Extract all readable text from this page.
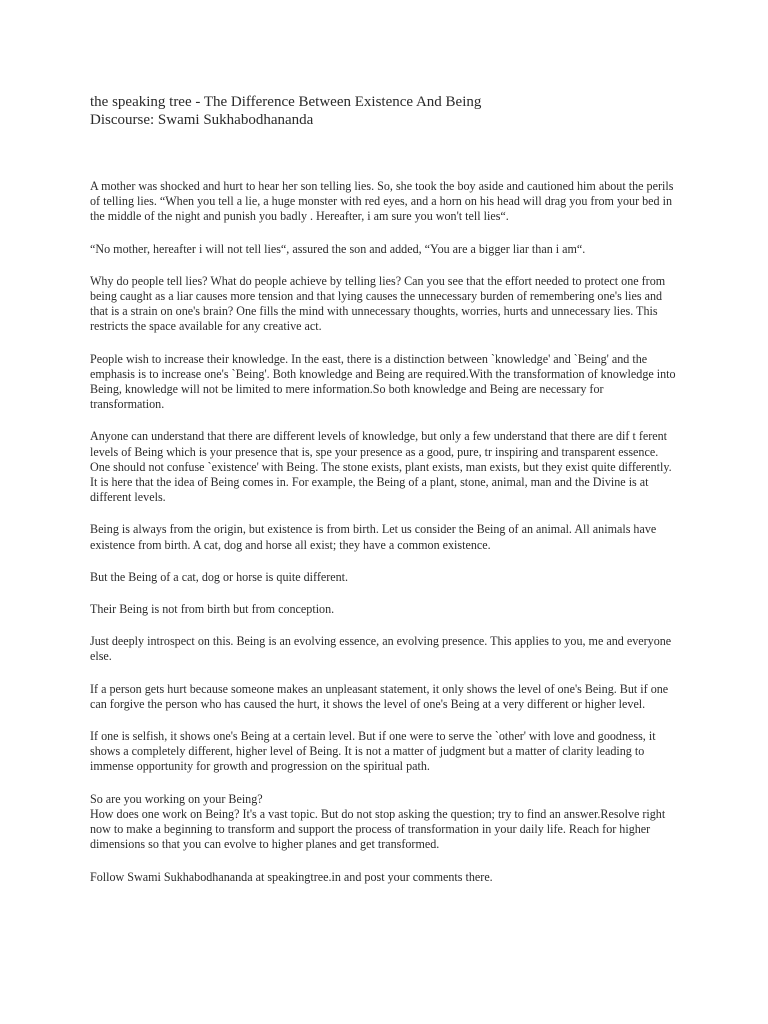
the speaking tree - The Difference Between Existence And Being
Discourse: Swami Sukhabodhananda

A mother was shocked and hurt to hear her son telling lies. So, she took the boy aside and cautioned him about the perils of telling lies. “When you tell a lie, a huge monster with red eyes, and a horn on his head will drag you from your bed in the middle of the night and punish you badly . Hereafter, i am sure you won't tell lies“.

“No mother, hereafter i will not tell lies“, assured the son and added, “You are a bigger liar than i am“.

Why do people tell lies? What do people achieve by telling lies? Can you see that the effort needed to protect one from being caught as a liar causes more tension and that lying causes the unnecessary burden of remembering one's lies and that is a strain on one's brain? One fills the mind with unnecessary thoughts, worries, hurts and unnecessary lies. This restricts the space available for any creative act.

People wish to increase their knowledge. In the east, there is a distinction between `knowledge' and `Being' and the emphasis is to increase one's `Being'. Both knowledge and Being are required.With the transformation of knowledge into Being, knowledge will not be limited to mere information.So both knowledge and Being are necessary for transformation.

Anyone can understand that there are different levels of knowledge, but only a few understand that there are dif t ferent levels of Being which is your presence that is, spe your presence as a good, pure, tr inspiring and transparent essence. One should not confuse `existence' with Being. The stone exists, plant exists, man exists, but they exist quite differently. It is here that the idea of Being comes in. For example, the Being of a plant, stone, animal, man and the Divine is at different levels.

Being is always from the origin, but existence is from birth. Let us consider the Being of an animal. All animals have existence from birth. A cat, dog and horse all exist; they have a common existence.

But the Being of a cat, dog or horse is quite different.

Their Being is not from birth but from conception.

Just deeply introspect on this. Being is an evolving essence, an evolving presence. This applies to you, me and everyone else.

If a person gets hurt because someone makes an unpleasant statement, it only shows the level of one's Being. But if one can forgive the person who has caused the hurt, it shows the level of one's Being at a very different or higher level.

If one is selfish, it shows one's Being at a certain level. But if one were to serve the `other' with love and goodness, it shows a completely different, higher level of Being. It is not a matter of judgment but a matter of clarity leading to immense opportunity for growth and progression on the spiritual path.

So are you working on your Being?

How does one work on Being? It's a vast topic. But do not stop asking the question; try to find an answer.Resolve right now to make a beginning to transform and support the process of transformation in your daily life. Reach for higher dimensions so that you can evolve to higher planes and get transformed.

Follow Swami Sukhabodhananda at speakingtree.in and post your comments there.
